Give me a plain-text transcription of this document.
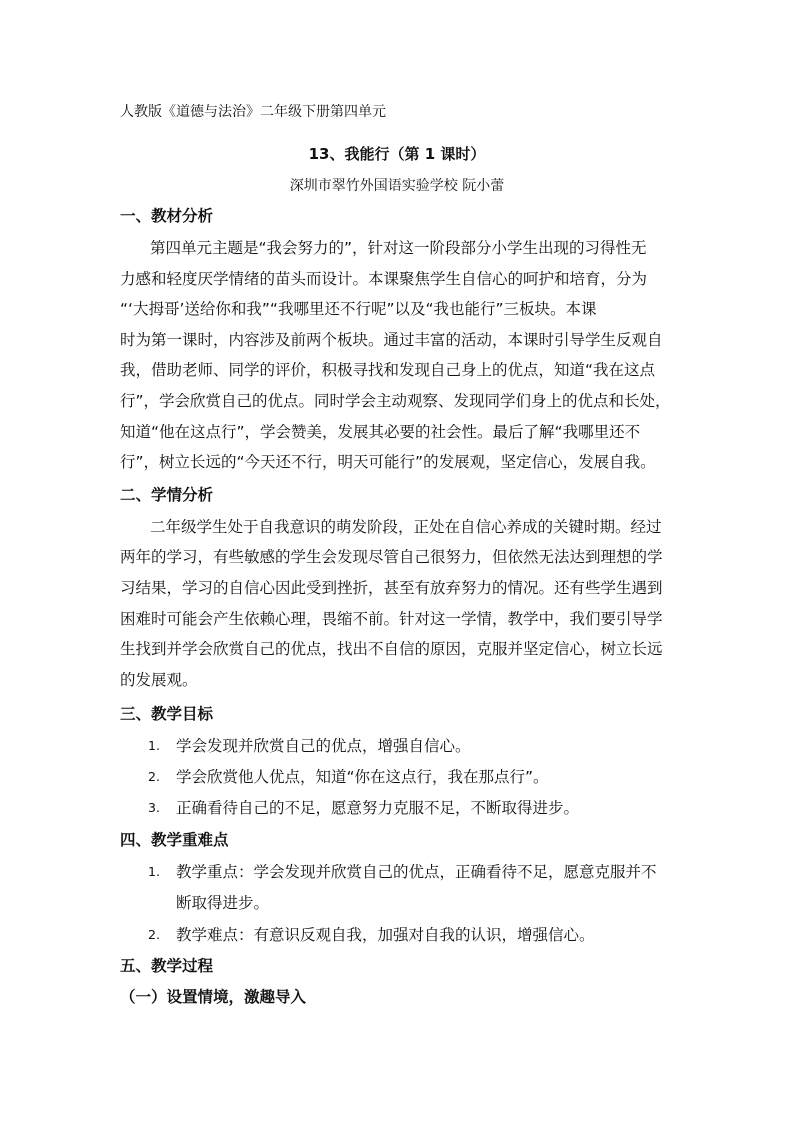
人教版《道德与法治》二年级下册第四单元
13、我能行（第 1 课时）
深圳市翠竹外国语实验学校 阮小蕾
一、教材分析
第四单元主题是“我会努力的”，针对这一阶段部分小学生出现的习得性无
力感和轻度厌学情绪的苗头而设计。本课聚焦学生自信心的呵护和培育，分为
“‘大拇哥’送给你和我”“我哪里还不行呢”以及“我也能行”三板块。本课
时为第一课时，内容涉及前两个板块。通过丰富的活动，本课时引导学生反观自
我，借助老师、同学的评价，积极寻找和发现自己身上的优点，知道“我在这点
行”，学会欣赏自己的优点。同时学会主动观察、发现同学们身上的优点和长处，
知道“他在这点行”，学会赞美，发展其必要的社会性。最后了解“我哪里还不
行”，树立长远的“今天还不行，明天可能行”的发展观，坚定信心，发展自我。
二、学情分析
二年级学生处于自我意识的萌发阶段，正处在自信心养成的关键时期。经过
两年的学习，有些敏感的学生会发现尽管自己很努力，但依然无法达到理想的学
习结果，学习的自信心因此受到挫折，甚至有放弃努力的情况。还有些学生遇到
困难时可能会产生依赖心理，畏缩不前。针对这一学情，教学中，我们要引导学
生找到并学会欣赏自己的优点，找出不自信的原因，克服并坚定信心，树立长远
的发展观。
三、教学目标
1. 学会发现并欣赏自己的优点，增强自信心。
2. 学会欣赏他人优点，知道“你在这点行，我在那点行”。
3. 正确看待自己的不足，愿意努力克服不足，不断取得进步。
四、教学重难点
1. 教学重点：学会发现并欣赏自己的优点，正确看待不足，愿意克服并不
断取得进步。
2. 教学难点：有意识反观自我，加强对自我的认识，增强信心。
五、教学过程
（一）设置情境，激趣导入
